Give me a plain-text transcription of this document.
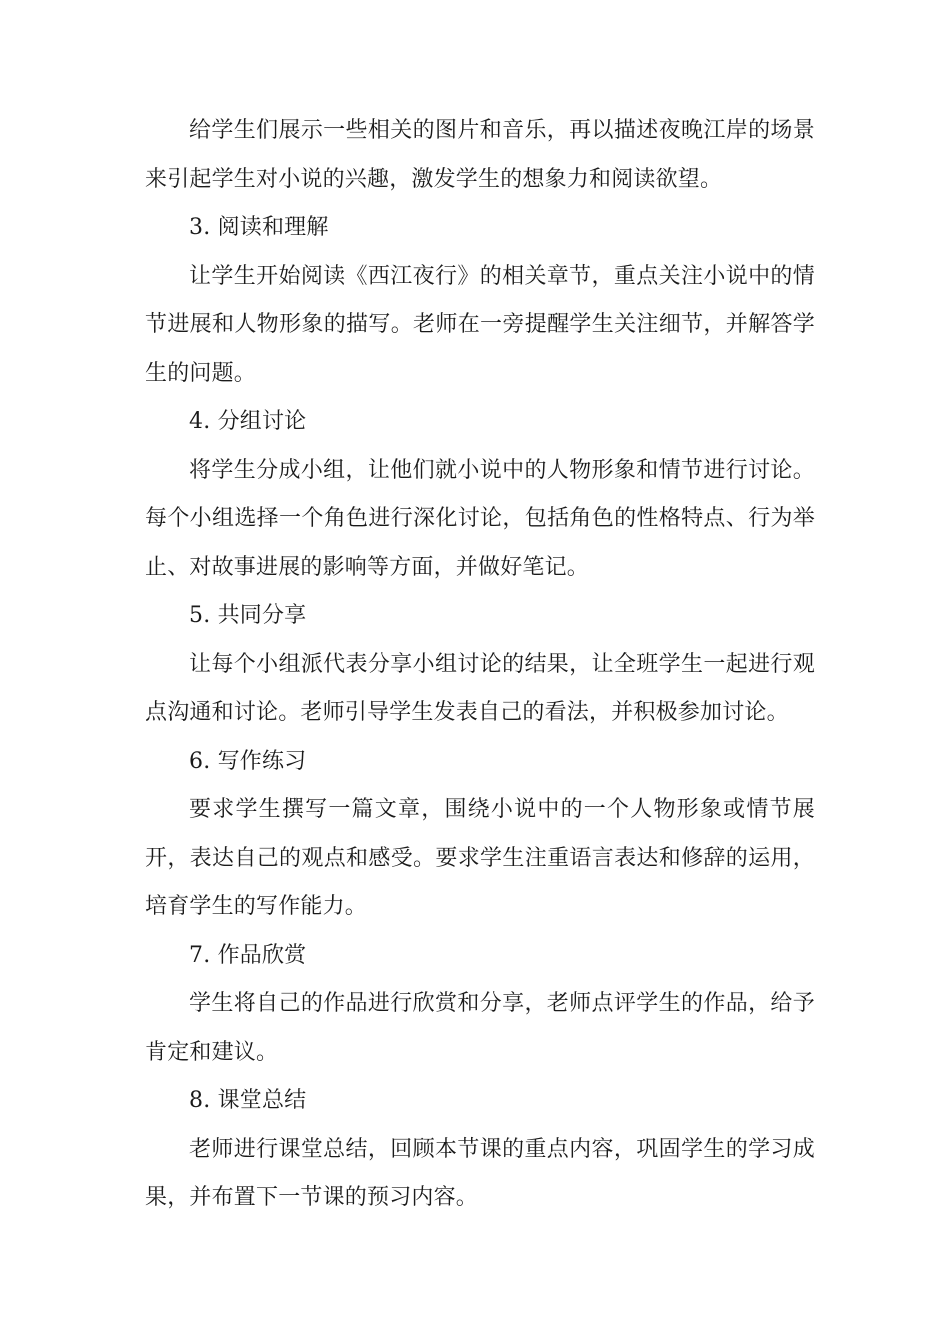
给学生们展示一些相关的图片和音乐，再以描述夜晚江岸的场景来引起学生对小说的兴趣，激发学生的想象力和阅读欲望。

3. 阅读和理解

让学生开始阅读《西江夜行》的相关章节，重点关注小说中的情节进展和人物形象的描写。老师在一旁提醒学生关注细节，并解答学生的问题。

4. 分组讨论

将学生分成小组，让他们就小说中的人物形象和情节进行讨论。每个小组选择一个角色进行深化讨论，包括角色的性格特点、行为举止、对故事进展的影响等方面，并做好笔记。

5. 共同分享

让每个小组派代表分享小组讨论的结果，让全班学生一起进行观点沟通和讨论。老师引导学生发表自己的看法，并积极参加讨论。

6. 写作练习

要求学生撰写一篇文章，围绕小说中的一个人物形象或情节展开，表达自己的观点和感受。要求学生注重语言表达和修辞的运用，培育学生的写作能力。

7. 作品欣赏

学生将自己的作品进行欣赏和分享，老师点评学生的作品，给予肯定和建议。

8. 课堂总结

老师进行课堂总结，回顾本节课的重点内容，巩固学生的学习成果，并布置下一节课的预习内容。
